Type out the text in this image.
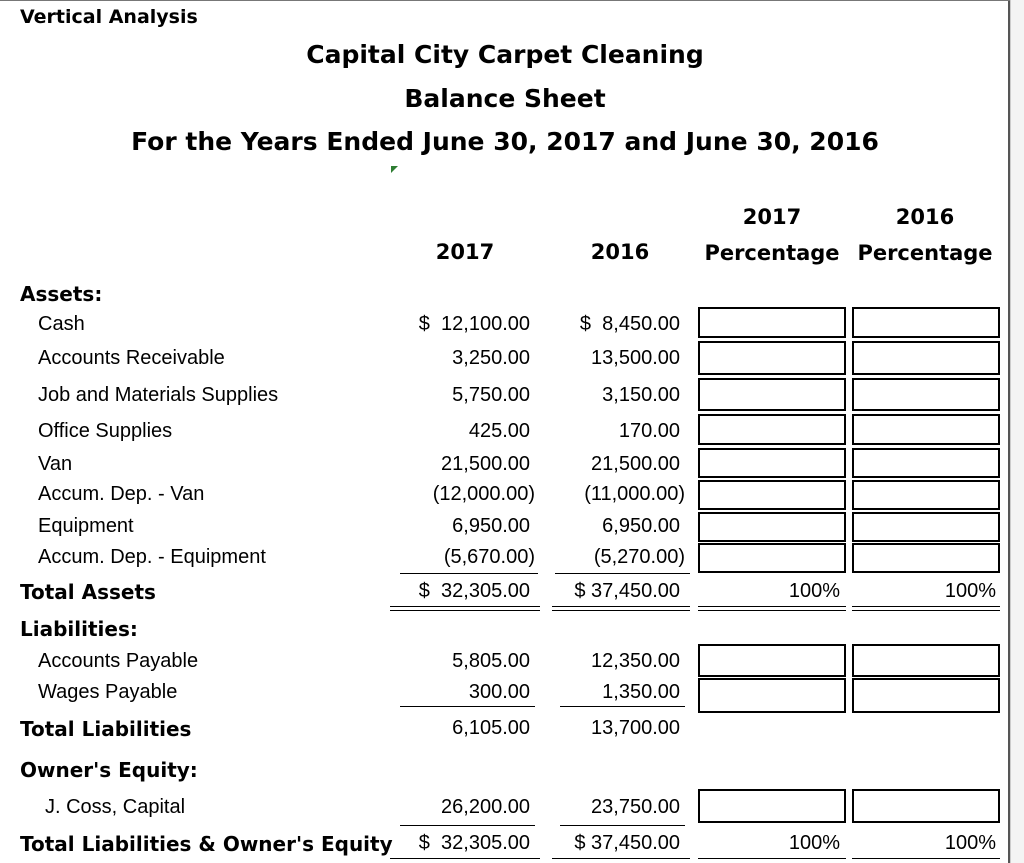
Vertical Analysis
Capital City Carpet Cleaning
Balance Sheet
For the Years Ended June 30, 2017 and June 30, 2016
2017	2016
2017
Percentage
2016
Percentage
Assets:
Cash	$  12,100.00	$  8,450.00
Accounts Receivable	3,250.00	13,500.00
Job and Materials Supplies	5,750.00	3,150.00
Office Supplies	425.00	170.00
Van	21,500.00	21,500.00
Accum. Dep. - Van	(12,000.00)	(11,000.00)
Equipment	6,950.00	6,950.00
Accum. Dep. - Equipment	(5,670.00)	(5,270.00)
Total Assets	$  32,305.00	$ 37,450.00	100%	100%
Liabilities:
Accounts Payable	5,805.00	12,350.00
Wages Payable	300.00	1,350.00
Total Liabilities	6,105.00	13,700.00
Owner's Equity:
J. Coss, Capital	26,200.00	23,750.00
Total Liabilities & Owner's Equity	$  32,305.00	$ 37,450.00	100%	100%
